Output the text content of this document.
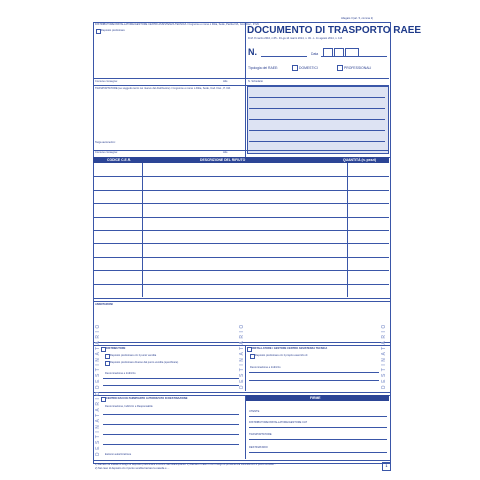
Allegato II (art. 5, comma 2)
DISTRIBUTORE/INSTALLATORE/GESTORE CENTRI ASSISTENZA TECNICA / Cognome e nome o Ditta, Sede, Partita IVA, Cod. Fisc., P.IVA
Deposito preliminare	DOCUMENTO DI TRASPORTO RAEE
D.M. 8 marzo 2010, n.65 - D.Lgs.14 marzo 2014, n. 49 - L. 11 agosto 2014, n. 116
N.	Data
Tipologia dei RAEE:	DOMESTICI	PROFESSIONALI
Comune consegna:	Abs	N. Schedario
TRASPORTATORE (se soggetto terzo nei riserve del distributore) / Cognome e nome o Ditta, Sede, Cod. Fisc., P. IVA
Targa automezzo:
Comune consegna:	Abs
CODICE C.E.R.	DESCRIZIONE DEL RIFIUTO	QUANTITÀ (n. pezzi)
ANNOTAZIONI
DESTINATARIO	DESTINATARIO	DESTINATARIO
DISTRIBUTORE
Deposito preliminare c/o il punto vendita
Deposito preliminare diverso dal punto vendita (specificare)
Denominazione e Indirizzo
INSTALLATORE / GESTORE CENTRO ASSISTENZA TECNICA
Deposito preliminare c/o il proprio esercizio di
Denominazione e Indirizzo
DESTINATARIO CENTRO RACCOLTA/IMPIANTO AUTORIZZATO DI DESTINAZIONE
Denominazione, Indirizzo e Responsabile
Estremi autorizzazione
FIRME
UTENTE
DISTRIBUTORE/INSTALLATORE/GESTORE CAT
TRASPORTATORE
DESTINATARIO
1) Barrare se trattasi di luogo di deposito preliminare a centro raccolta/impianto. 2) Barrare il caso in cui il luogo di provenienza coincida con il punto vendita...
2) Nel caso di deposito c/o il punto vendita barrare la casella e ...
1
